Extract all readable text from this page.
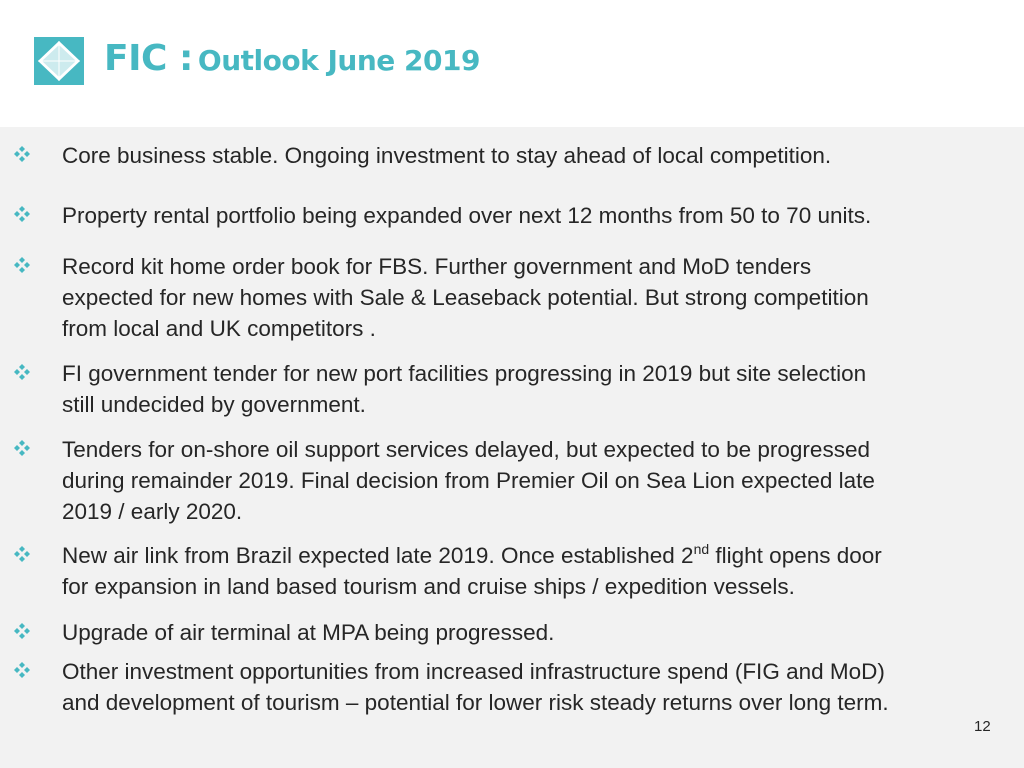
FIC : Outlook June 2019
Core business stable. Ongoing investment to stay ahead of local competition.
Property rental portfolio being expanded over next 12 months from 50 to 70 units.
Record kit home order book for FBS. Further government and MoD tenders
expected for new homes with Sale & Leaseback potential. But strong competition
from local and UK competitors .
FI government tender for new port facilities progressing in 2019 but site selection
still undecided by government.
Tenders for on-shore oil support services delayed, but expected to be progressed
during remainder 2019. Final decision from Premier Oil on Sea Lion expected late
2019 / early 2020.
New air link from Brazil expected late 2019. Once established 2nd flight opens door
for expansion in land based tourism and cruise ships / expedition vessels.
Upgrade of air terminal at MPA being progressed.
Other investment opportunities from increased infrastructure spend (FIG and MoD)
and development of tourism – potential for lower risk steady returns over long term.
12
